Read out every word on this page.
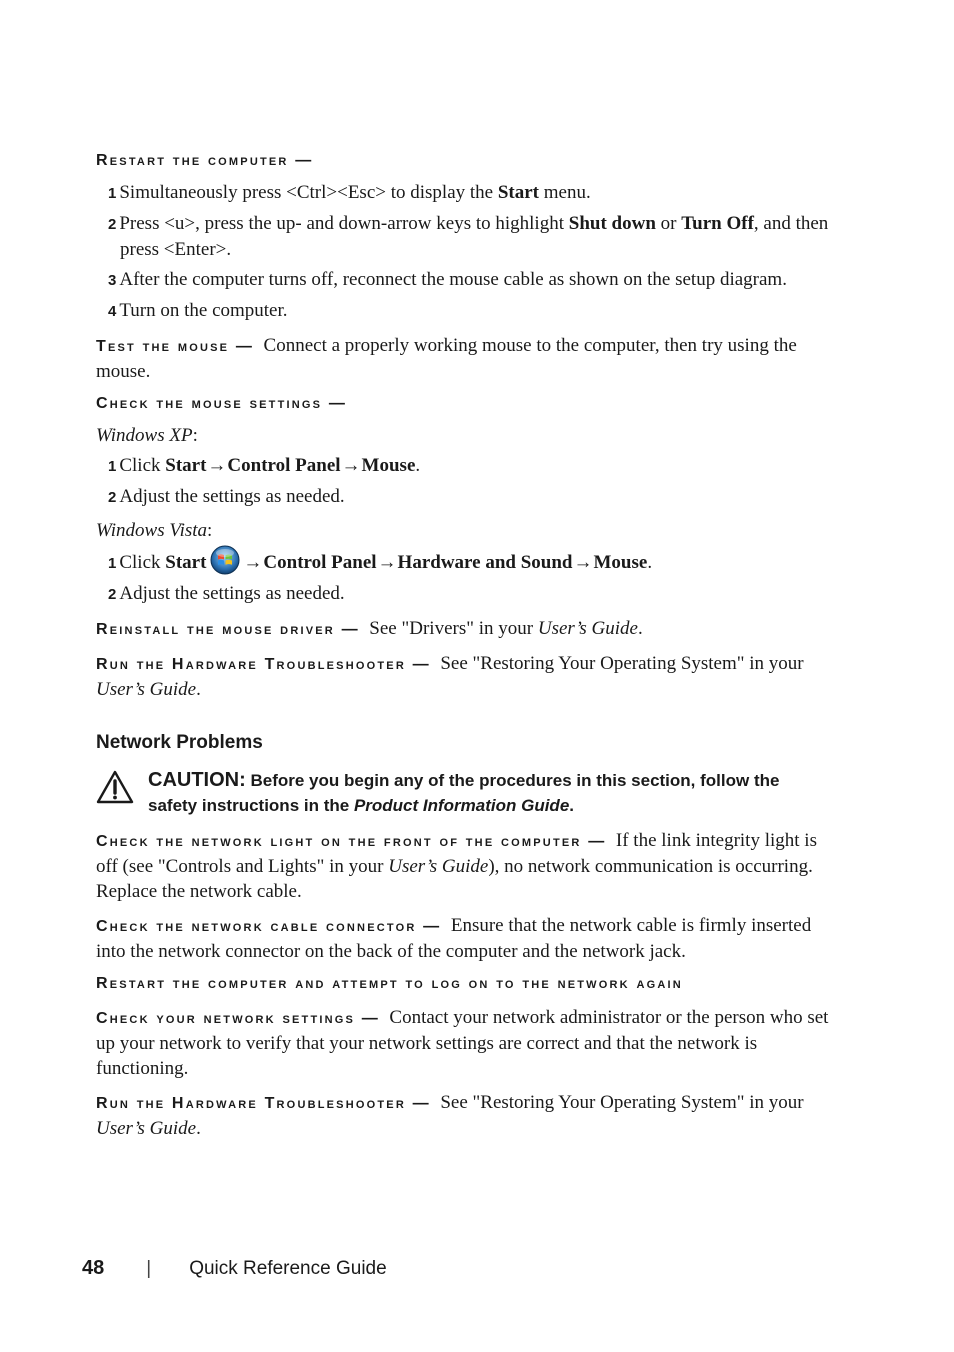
Restart the computer —
1 Simultaneously press <Ctrl><Esc> to display the Start menu.
2 Press <u>, press the up- and down-arrow keys to highlight Shut down or Turn Off, and then press <Enter>.
3 After the computer turns off, reconnect the mouse cable as shown on the setup diagram.
4 Turn on the computer.

Test the mouse — Connect a properly working mouse to the computer, then try using the mouse.

Check the mouse settings —

Windows XP:

1 Click Start→Control Panel→Mouse.
2 Adjust the settings as needed.

Windows Vista:

1 Click Start →Control Panel→Hardware and Sound→Mouse.
2 Adjust the settings as needed.

Reinstall the mouse driver — See "Drivers" in your User’s Guide.

Run the Hardware Troubleshooter — See "Restoring Your Operating System" in your User’s Guide.

Network Problems
CAUTION: Before you begin any of the procedures in this section, follow the safety instructions in the Product Information Guide.

Check the network light on the front of the computer — If the link integrity light is off (see "Controls and Lights" in your User’s Guide), no network communication is occurring. Replace the network cable.

Check the network cable connector — Ensure that the network cable is firmly inserted into the network connector on the back of the computer and the network jack.

Restart the computer and attempt to log on to the network again

Check your network settings — Contact your network administrator or the person who set up your network to verify that your network settings are correct and that the network is functioning.

Run the Hardware Troubleshooter — See "Restoring Your Operating System" in your User’s Guide.

48 | Quick Reference Guide
